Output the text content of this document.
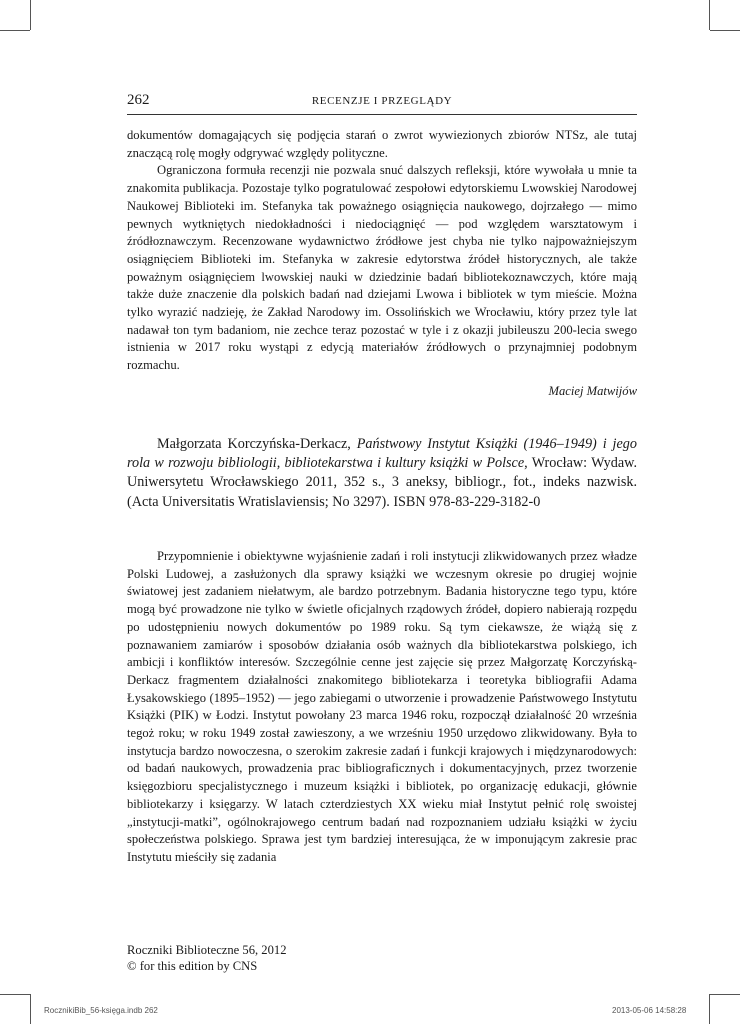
262	RECENZJE I PRZEGLĄDY

dokumentów domagających się podjęcia starań o zwrot wywiezionych zbiorów NTSz, ale tutaj znaczącą rolę mogły odgrywać względy polityczne.

Ograniczona formuła recenzji nie pozwala snuć dalszych refleksji, które wywołała u mnie ta znakomita publikacja. Pozostaje tylko pogratulować zespołowi edytorskiemu Lwowskiej Narodowej Naukowej Biblioteki im. Stefanyka tak poważnego osiągnięcia naukowego, dojrzałego — mimo pewnych wytkniętych niedokładności i niedociągnięć — pod względem warsztatowym i źródłoznawczym. Recenzowane wydawnictwo źródłowe jest chyba nie tylko najpoważniejszym osiągnięciem Biblioteki im. Stefanyka w zakresie edytorstwa źródeł historycznych, ale także poważnym osiągnięciem lwowskiej nauki w dziedzinie badań bibliotekoznawczych, które mają także duże znaczenie dla polskich badań nad dziejami Lwowa i bibliotek w tym mieście. Można tylko wyrazić nadzieję, że Zakład Narodowy im. Ossolińskich we Wrocławiu, który przez tyle lat nadawał ton tym badaniom, nie zechce teraz pozostać w tyle i z okazji jubileuszu 200-lecia swego istnienia w 2017 roku wystąpi z edycją materiałów źródłowych o przynajmniej podobnym rozmachu.

Maciej Matwijów
Małgorzata Korczyńska-Derkacz, Państwowy Instytut Książki (1946–1949) i jego rola w rozwoju bibliologii, bibliotekarstwa i kultury książki w Polsce, Wrocław: Wydaw. Uniwersytetu Wrocławskiego 2011, 352 s., 3 aneksy, bibliogr., fot., indeks nazwisk. (Acta Universitatis Wratislaviensis; No 3297). ISBN 978-83-229-3182-0

Przypomnienie i obiektywne wyjaśnienie zadań i roli instytucji zlikwidowanych przez władze Polski Ludowej, a zasłużonych dla sprawy książki we wczesnym okresie po drugiej wojnie światowej jest zadaniem niełatwym, ale bardzo potrzebnym. Badania historyczne tego typu, które mogą być prowadzone nie tylko w świetle oficjalnych rządowych źródeł, dopiero nabierają rozpędu po udostępnieniu nowych dokumentów po 1989 roku. Są tym ciekawsze, że wiążą się z poznawaniem zamiarów i sposobów działania osób ważnych dla bibliotekarstwa polskiego, ich ambicji i konfliktów interesów. Szczególnie cenne jest zajęcie się przez Małgorzatę Korczyńską-Derkacz fragmentem działalności znakomitego bibliotekarza i teoretyka bibliografii Adama Łysakowskiego (1895–1952) — jego zabiegami o utworzenie i prowadzenie Państwowego Instytutu Książki (PIK) w Łodzi. Instytut powołany 23 marca 1946 roku, rozpoczął działalność 20 września tegoż roku; w roku 1949 został zawieszony, a we wrześniu 1950 urzędowo zlikwidowany. Była to instytucja bardzo nowoczesna, o szerokim zakresie zadań i funkcji krajowych i międzynarodowych: od badań naukowych, prowadzenia prac bibliograficznych i dokumentacyjnych, przez tworzenie księgozbioru specjalistycznego i muzeum książki i bibliotek, po organizację edukacji, głównie bibliotekarzy i księgarzy. W latach czterdziestych XX wieku miał Instytut pełnić rolę swoistej „instytucji-matki”, ogólnokrajowego centrum badań nad rozpoznaniem udziału książki w życiu społeczeństwa polskiego. Sprawa jest tym bardziej interesująca, że w imponującym zakresie prac Instytutu mieściły się zadania

Roczniki Biblioteczne 56, 2012
© for this edition by CNS
RocznikiBib_56-księga.indb 262	2013-05-06 14:58:28
